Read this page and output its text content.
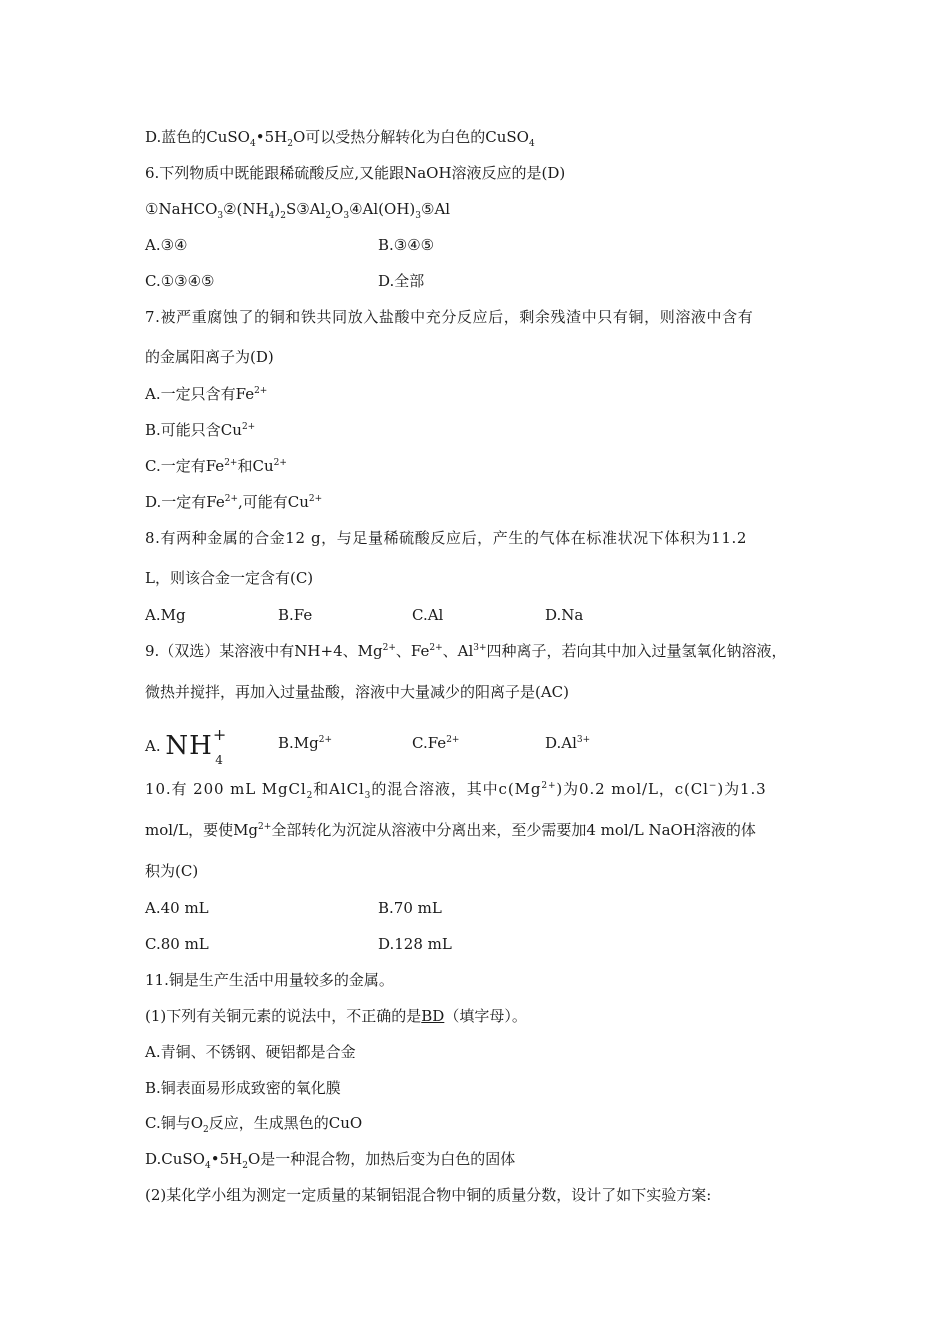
D.蓝色的$CuSO_4•5H_2O$可以受热分解转化为白色的CuSO$_4$
6.下列物质中既能跟稀硫酸反应,又能跟NaOH溶液反应的是(D)
$①NaHCO_3②(NH_4)_2S③Al_2O_3④Al(OH)_3⑤Al$
A.③④	B.③④⑤
C.①③④⑤	D.全部
7.被严重腐蚀了的铜和铁共同放入盐酸中充分反应后，剩余残渣中只有铜，则溶液中含有
的金属阳离子为(D)
A.一定只含有$Fe^{2+}$
B.可能只含$Cu^{2+}$
C.一定有$Fe^{2+}$和$Cu^{2+}$
D.一定有$Fe^{2+}$,可能有$Cu^{2+}$
8.有两种金属的合金12 g，与足量稀硫酸反应后，产生的气体在标准状况下体积为11.2
L，则该合金一定含有(C)
A.Mg	B.Fe	C.Al	D.Na
9.（双选）某溶液中有NH+4、$Mg^{2+}$、$Fe^{2+}$、$Al^{3+}$四种离子，若向其中加入过量氢氧化钠溶液，
微热并搅拌，再加入过量盐酸，溶液中大量减少的阳离子是(AC)
A. $NH^+_4$
$B.Mg^{2+}$	$C.Fe^{2+}$	$D.Al^{3+}$
10.有 200 mL MgCl$_2$和AlCl$_3$的混合溶液，其中$c(Mg^{2+})$为0.2 mol/L，c(Cl−)为1.3
mol/L，要使$Mg^{2+}$全部转化为沉淀从溶液中分离出来，至少需要加4 mol/L NaOH溶液的体
积为(C)
A.40 mL	B.70 mL
C.80 mL	D.128 mL
11.铜是生产生活中用量较多的金属。
(1)下列有关铜元素的说法中，不正确的是BD（填字母）。
A.青铜、不锈钢、硬铝都是合金
B.铜表面易形成致密的氧化膜
C.铜与$O_2$反应，生成黑色的CuO
$D.CuSO_4•5H_2O$是一种混合物，加热后变为白色的固体
(2)某化学小组为测定一定质量的某铜铝混合物中铜的质量分数，设计了如下实验方案:
